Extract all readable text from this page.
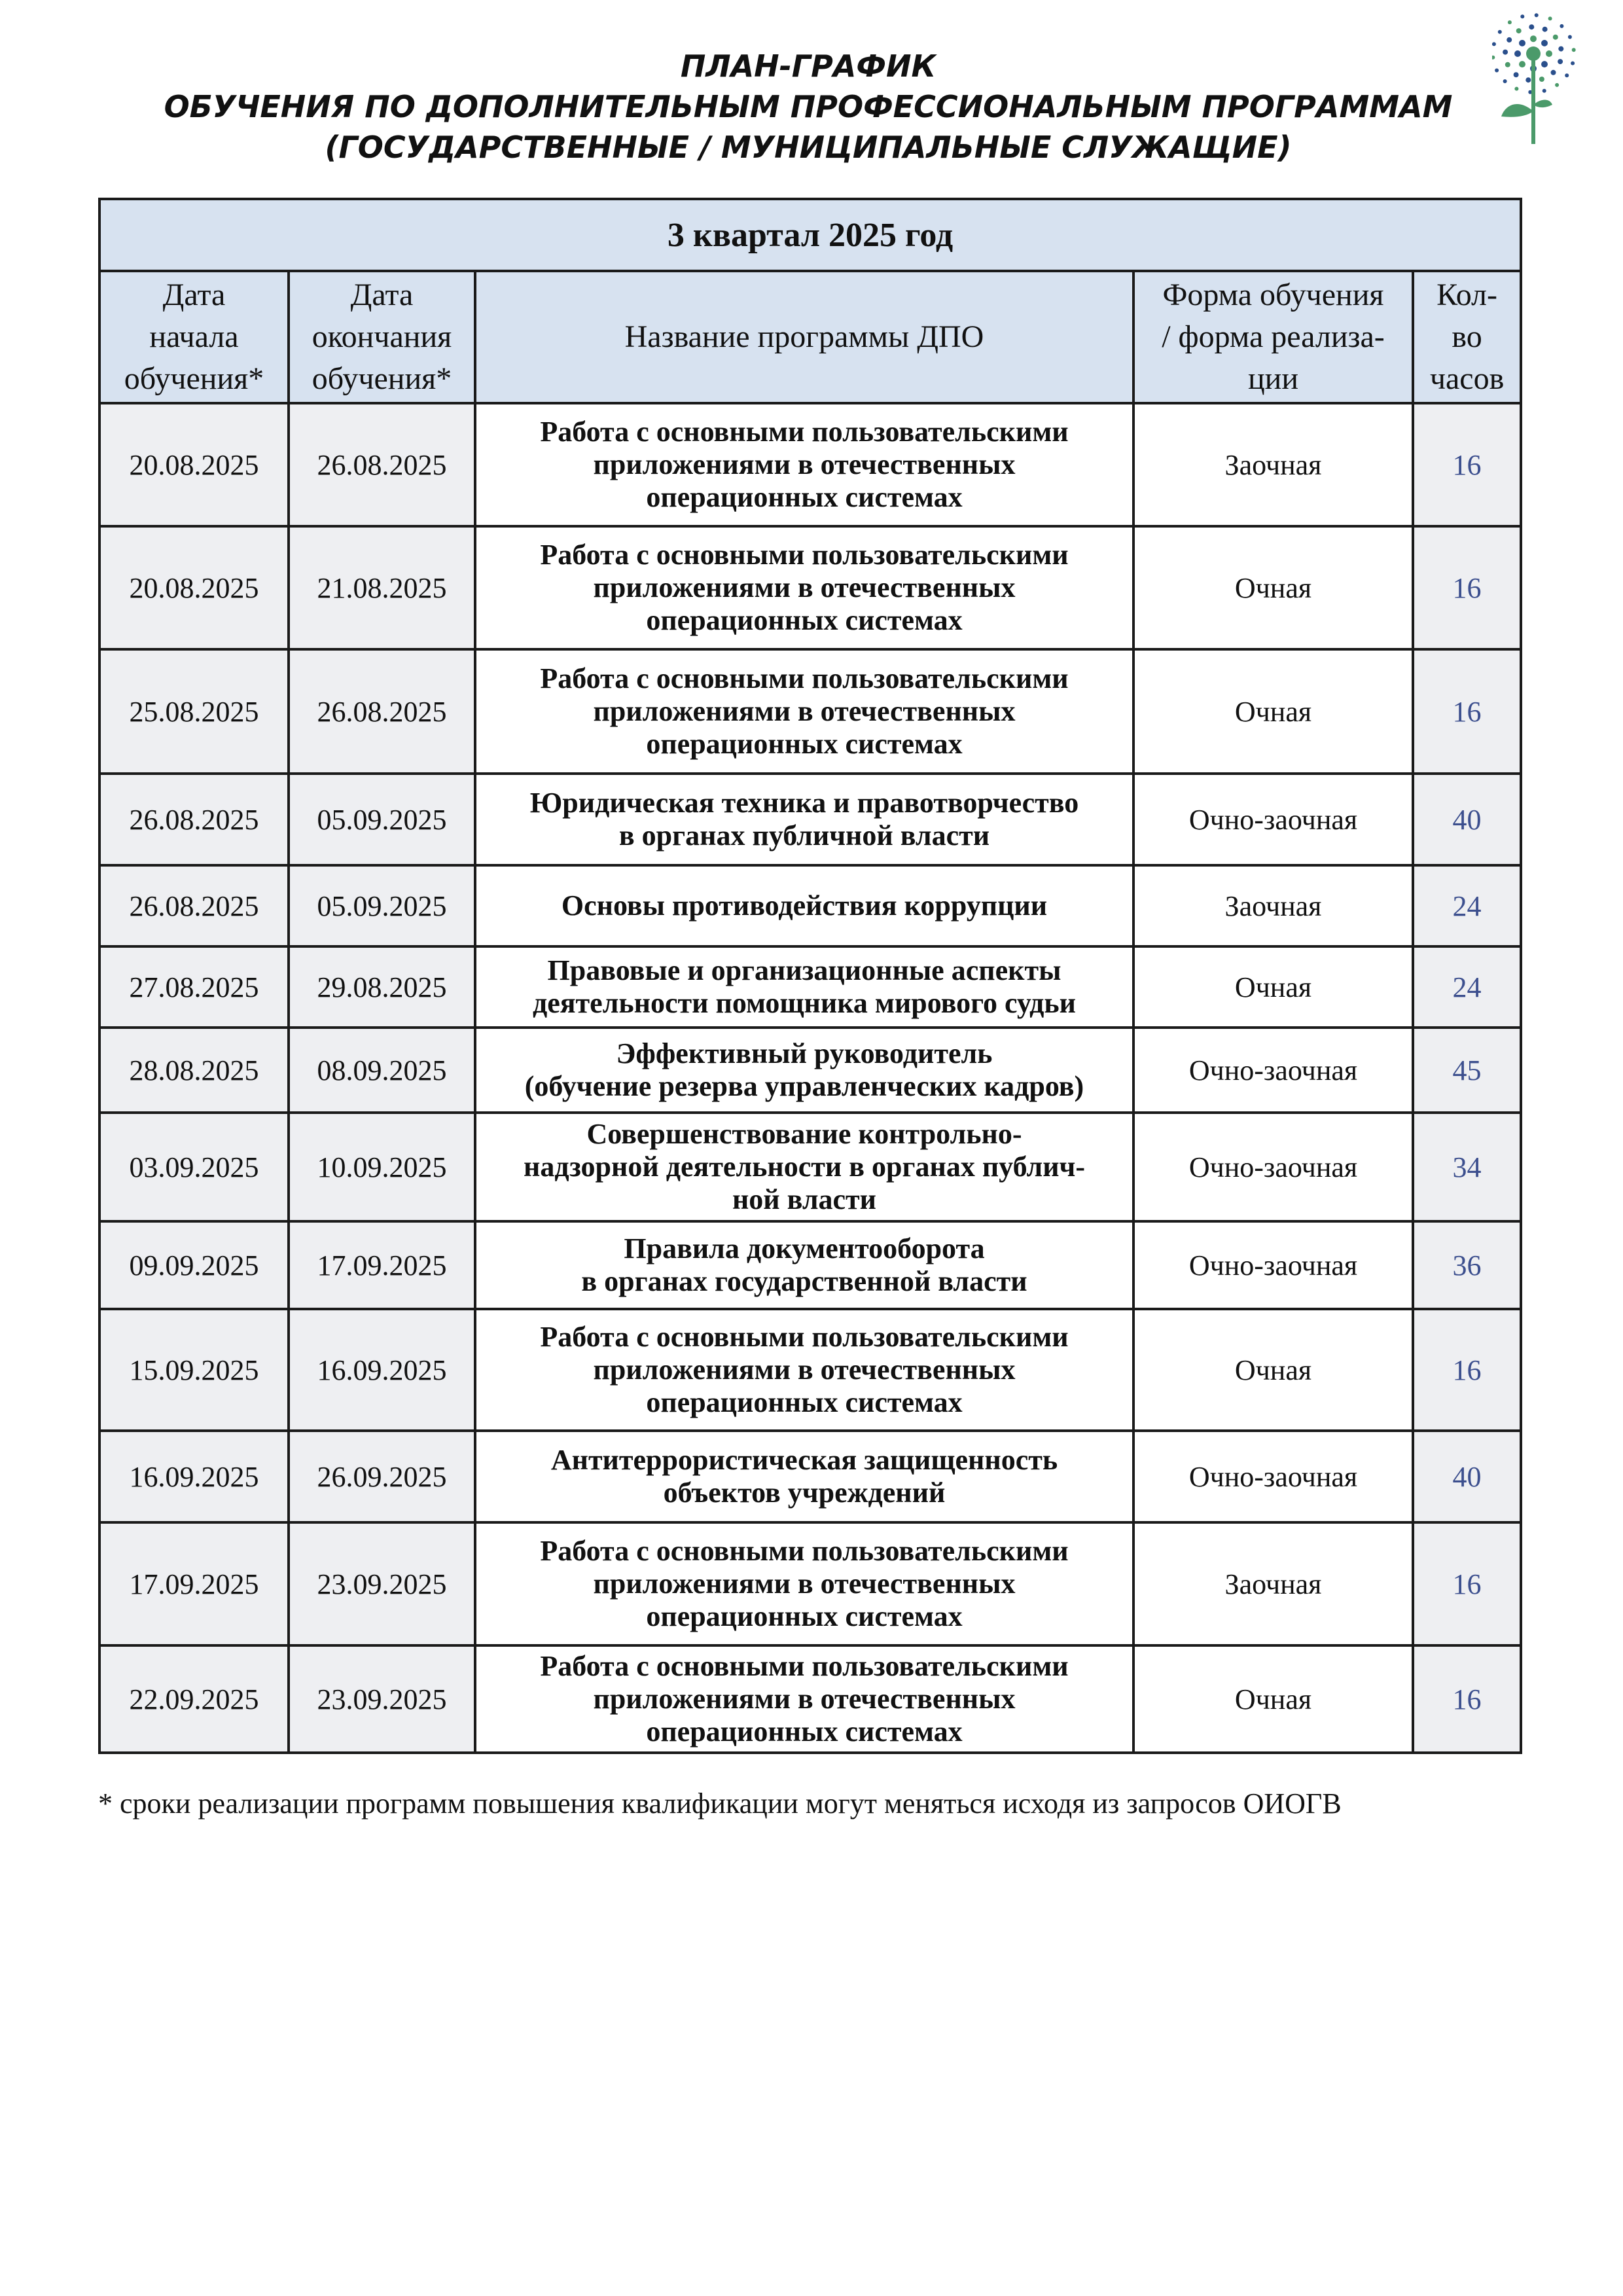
ПЛАН-ГРАФИК
ОБУЧЕНИЯ ПО ДОПОЛНИТЕЛЬНЫМ ПРОФЕССИОНАЛЬНЫМ ПРОГРАММАМ
(ГОСУДАРСТВЕННЫЕ / МУНИЦИПАЛЬНЫЕ СЛУЖАЩИЕ)
3 квартал 2025 год				

Дата
начала
обучения*	Дата
окончания
обучения*	Название программы ДПО	Форма обучения
/ форма реализа-
ции	Кол-
во
часов

20.08.2025	26.08.2025	Работа с основными пользовательскими
приложениями в отечественных
операционных системах	Заочная	16
20.08.2025	21.08.2025	Работа с основными пользовательскими
приложениями в отечественных
операционных системах	Очная	16
25.08.2025	26.08.2025	Работа с основными пользовательскими
приложениями в отечественных
операционных системах	Очная	16
26.08.2025	05.09.2025	Юридическая техника и правотворчество
в органах публичной власти	Очно-заочная	40
26.08.2025	05.09.2025	Основы противодействия коррупции	Заочная	24
27.08.2025	29.08.2025	Правовые и организационные аспекты
деятельности помощника мирового судьи	Очная	24
28.08.2025	08.09.2025	Эффективный руководитель
(обучение резерва управленческих кадров)	Очно-заочная	45
03.09.2025	10.09.2025	Совершенствование контрольно-
надзорной деятельности в органах публич-
ной власти	Очно-заочная	34
09.09.2025	17.09.2025	Правила документооборота
в органах государственной власти	Очно-заочная	36
15.09.2025	16.09.2025	Работа с основными пользовательскими
приложениями в отечественных
операционных системах	Очная	16
16.09.2025	26.09.2025	Антитеррористическая защищенность
объектов учреждений	Очно-заочная	40
17.09.2025	23.09.2025	Работа с основными пользовательскими
приложениями в отечественных
операционных системах	Заочная	16
22.09.2025	23.09.2025	Работа с основными пользовательскими
приложениями в отечественных
операционных системах	Очная	16
* сроки реализации программ повышения квалификации могут меняться исходя из запросов ОИОГВ
